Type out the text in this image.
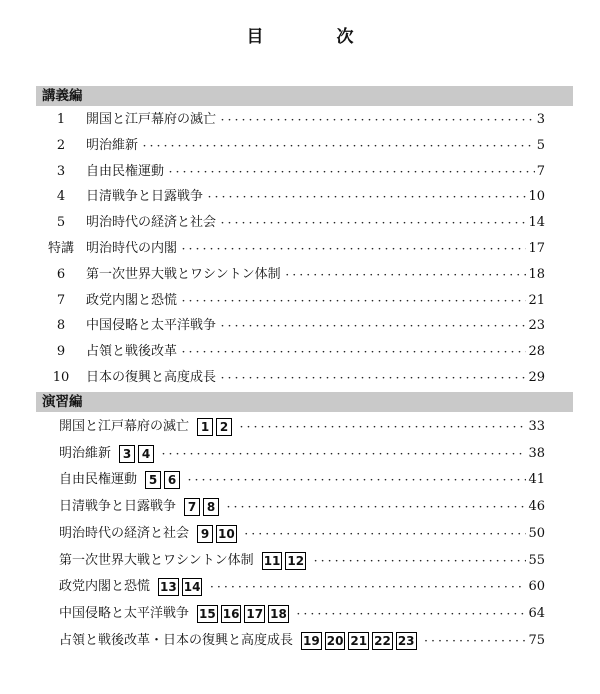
目　次
講義編
1	開国と江戸幕府の滅亡 ・・・・・・・・・・・・・・・・・・・・・・・・・・・・・・・・・・・・・・・・・・・・・・・・・・・・・・・・・・・・・・・・・・・・・・・・・・・・・・・・・・・・・・・・	3
2	明治維新 ・・・・・・・・・・・・・・・・・・・・・・・・・・・・・・・・・・・・・・・・・・・・・・・・・・・・・・・・・・・・・・・・・・・・・・・・・・・・・・・・・・・・・・・・	5
3	自由民権運動 ・・・・・・・・・・・・・・・・・・・・・・・・・・・・・・・・・・・・・・・・・・・・・・・・・・・・・・・・・・・・・・・・・・・・・・・・・・・・・・・・・・・・・・・・	7
4	日清戦争と日露戦争 ・・・・・・・・・・・・・・・・・・・・・・・・・・・・・・・・・・・・・・・・・・・・・・・・・・・・・・・・・・・・・・・・・・・・・・・・・・・・・・・・・・・・・・・・	10
5	明治時代の経済と社会 ・・・・・・・・・・・・・・・・・・・・・・・・・・・・・・・・・・・・・・・・・・・・・・・・・・・・・・・・・・・・・・・・・・・・・・・・・・・・・・・・・・・・・・・・	14
特講 明治時代の内閣 ・・・・・・・・・・・・・・・・・・・・・・・・・・・・・・・・・・・・・・・・・・・・・・・・・・・・・・・・・・・・・・・・・・・・・・・・・・・・・・・・・・・・・・・・	17
6	第一次世界大戦とワシントン体制 ・・・・・・・・・・・・・・・・・・・・・・・・・・・・・・・・・・・・・・・・・・・・・・・・・・・・・・・・・・・・・・・・・・・・・・・・・・・・・・・・・・・・・・・・	18
7	政党内閣と恐慌 ・・・・・・・・・・・・・・・・・・・・・・・・・・・・・・・・・・・・・・・・・・・・・・・・・・・・・・・・・・・・・・・・・・・・・・・・・・・・・・・・・・・・・・・・	21
8	中国侵略と太平洋戦争 ・・・・・・・・・・・・・・・・・・・・・・・・・・・・・・・・・・・・・・・・・・・・・・・・・・・・・・・・・・・・・・・・・・・・・・・・・・・・・・・・・・・・・・・・	23
9	占領と戦後改革 ・・・・・・・・・・・・・・・・・・・・・・・・・・・・・・・・・・・・・・・・・・・・・・・・・・・・・・・・・・・・・・・・・・・・・・・・・・・・・・・・・・・・・・・・	28
10	日本の復興と高度成長 ・・・・・・・・・・・・・・・・・・・・・・・・・・・・・・・・・・・・・・・・・・・・・・・・・・・・・・・・・・・・・・・・・・・・・・・・・・・・・・・・・・・・・・・・	29
演習編
開国と江戸幕府の滅亡 1 2 ・・・・・・・・・・・・・・・・・・・・・・・・・・・・・・・・・・・・・・・・・・・・・・・・・・・・・・・・・・・・・・・・・・・・・・・・・・・・・・・・・・・・・・・・	33
明治維新 3 4 ・・・・・・・・・・・・・・・・・・・・・・・・・・・・・・・・・・・・・・・・・・・・・・・・・・・・・・・・・・・・・・・・・・・・・・・・・・・・・・・・・・・・・・・・	38
自由民権運動 5 6 ・・・・・・・・・・・・・・・・・・・・・・・・・・・・・・・・・・・・・・・・・・・・・・・・・・・・・・・・・・・・・・・・・・・・・・・・・・・・・・・・・・・・・・・・	41
日清戦争と日露戦争 7 8 ・・・・・・・・・・・・・・・・・・・・・・・・・・・・・・・・・・・・・・・・・・・・・・・・・・・・・・・・・・・・・・・・・・・・・・・・・・・・・・・・・・・・・・・・	46
明治時代の経済と社会 9 10 ・・・・・・・・・・・・・・・・・・・・・・・・・・・・・・・・・・・・・・・・・・・・・・・・・・・・・・・・・・・・・・・・・・・・・・・・・・・・・・・・・・・・・・・・	50
第一次世界大戦とワシントン体制 11 12 ・・・・・・・・・・・・・・・・・・・・・・・・・・・・・・・・・・・・・・・・・・・・・・・・・・・・・・・・・・・・・・・・・・・・・・・・・・・・・・・・・・・・・・・・	55
政党内閣と恐慌 13 14 ・・・・・・・・・・・・・・・・・・・・・・・・・・・・・・・・・・・・・・・・・・・・・・・・・・・・・・・・・・・・・・・・・・・・・・・・・・・・・・・・・・・・・・・・	60
中国侵略と太平洋戦争 15 16 17 18 ・・・・・・・・・・・・・・・・・・・・・・・・・・・・・・・・・・・・・・・・・・・・・・・・・・・・・・・・・・・・・・・・・・・・・・・・・・・・・・・・・・・・・・・・	64
占領と戦後改革・日本の復興と高度成長 19 20 21 22 23 ・・・・・・・・・・・・・・・・・・・・・・・・・・・・・・・・・・・・・・・・・・・・・・・・・・・・・・・・・・・・・・・・・・・・・・・・・・・・・・・・・・・・・・・・	75
